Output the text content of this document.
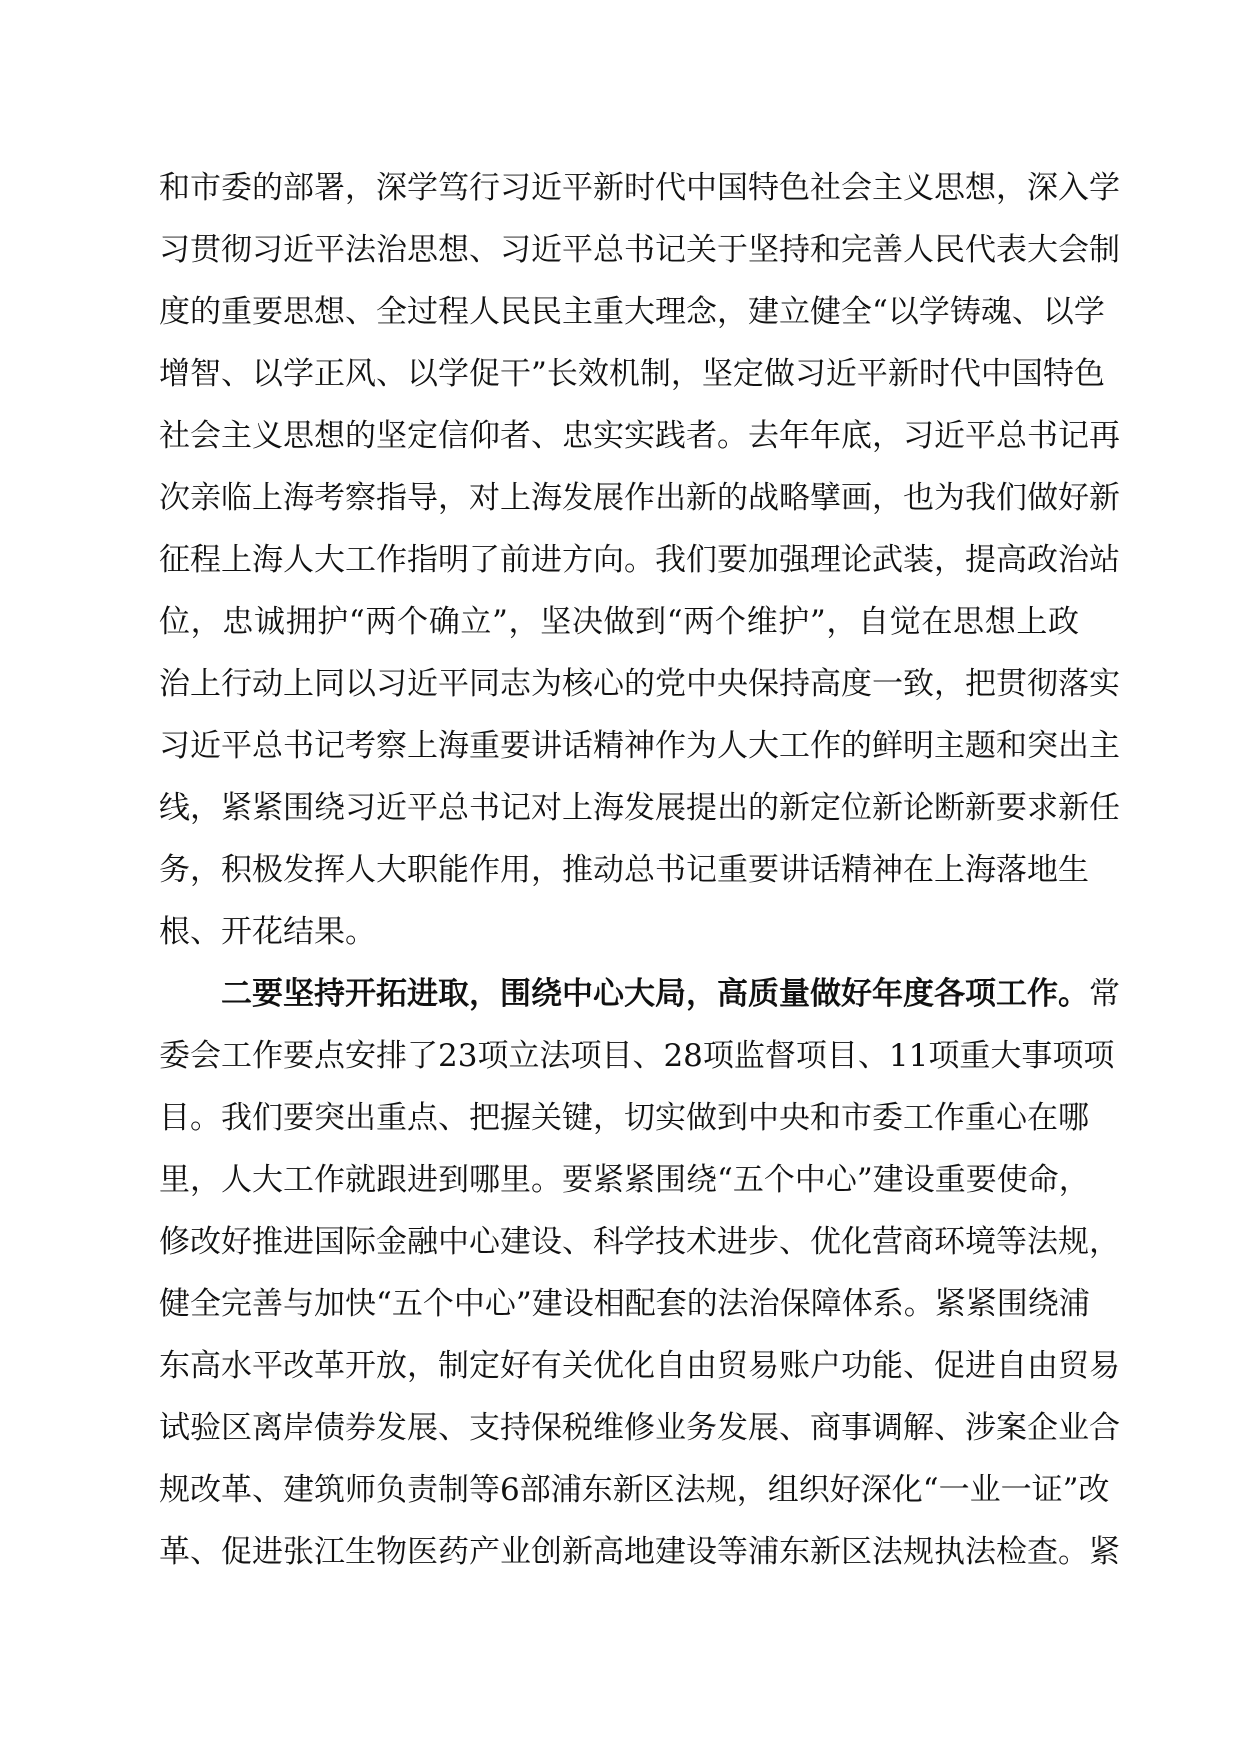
和市委的部署，深学笃行习近平新时代中国特色社会主义思想，深入学
习贯彻习近平法治思想、习近平总书记关于坚持和完善人民代表大会制
度的重要思想、全过程人民民主重大理念，建立健全“以学铸魂、以学
增智、以学正风、以学促干”长效机制，坚定做习近平新时代中国特色
社会主义思想的坚定信仰者、忠实实践者。去年年底，习近平总书记再
次亲临上海考察指导，对上海发展作出新的战略擘画，也为我们做好新
征程上海人大工作指明了前进方向。我们要加强理论武装，提高政治站
位，忠诚拥护“两个确立”，坚决做到“两个维护”，自觉在思想上政
治上行动上同以习近平同志为核心的党中央保持高度一致，把贯彻落实
习近平总书记考察上海重要讲话精神作为人大工作的鲜明主题和突出主
线，紧紧围绕习近平总书记对上海发展提出的新定位新论断新要求新任
务，积极发挥人大职能作用，推动总书记重要讲话精神在上海落地生
根、开花结果。
二要坚持开拓进取，围绕中心大局，高质量做好年度各项工作。常
委会工作要点安排了23项立法项目、28项监督项目、11项重大事项项
目。我们要突出重点、把握关键，切实做到中央和市委工作重心在哪
里，人大工作就跟进到哪里。要紧紧围绕“五个中心”建设重要使命，
修改好推进国际金融中心建设、科学技术进步、优化营商环境等法规，
健全完善与加快“五个中心”建设相配套的法治保障体系。紧紧围绕浦
东高水平改革开放，制定好有关优化自由贸易账户功能、促进自由贸易
试验区离岸债券发展、支持保税维修业务发展、商事调解、涉案企业合
规改革、建筑师负责制等6部浦东新区法规，组织好深化“一业一证”改
革、促进张江生物医药产业创新高地建设等浦东新区法规执法检查。紧
